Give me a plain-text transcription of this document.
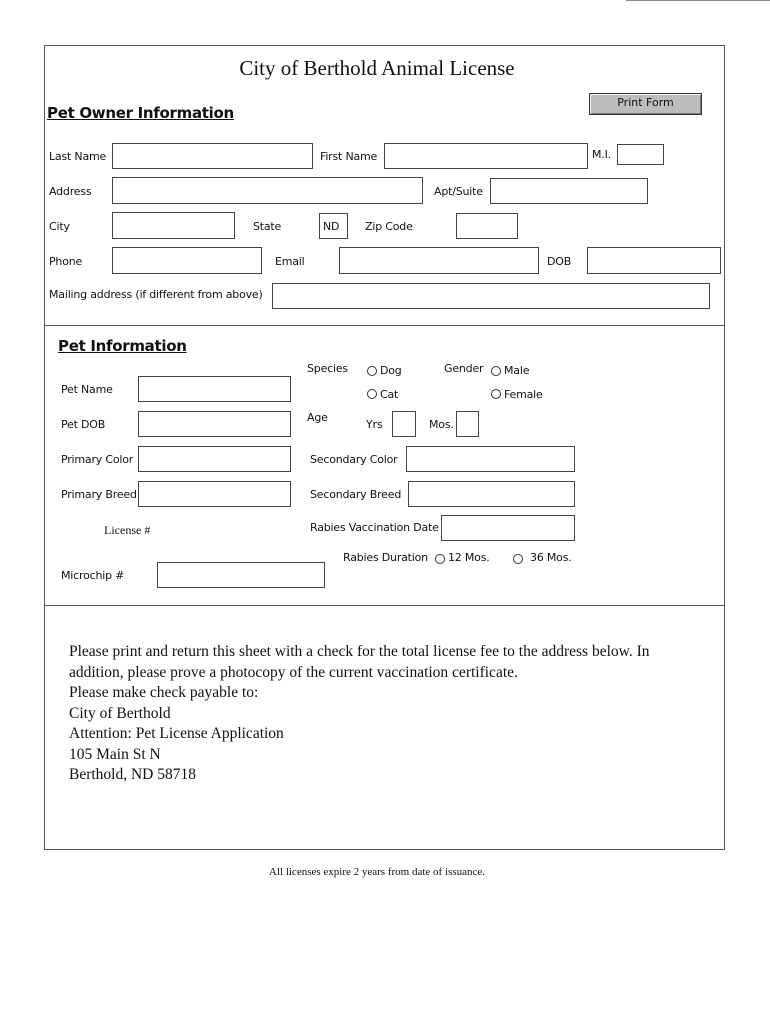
City of Berthold Animal License
Print Form
Pet Owner Information
Last Name	First Name	M.I.
Address	Apt/Suite
City	State	ND Zip Code
Phone	Email	DOB
Mailing address (if different from above)
Pet Information
Species	Dog
Cat
Gender Male
Female
Pet Name
Pet DOB
Age
Yrs	Mos.
Primary Color	Secondary Color
Primary Breed	Secondary Breed
License #	Rabies Vaccination Date
Rabies Duration 12 Mos.	36 Mos.
Microchip #
Please print and return this sheet with a check for the total license fee to the address below. In
addition, please prove a photocopy of the current vaccination certificate.
Please make check payable to:
City of Berthold
Attention: Pet License Application
105 Main St N
Berthold, ND 58718
All licenses expire 2 years from date of issuance.
